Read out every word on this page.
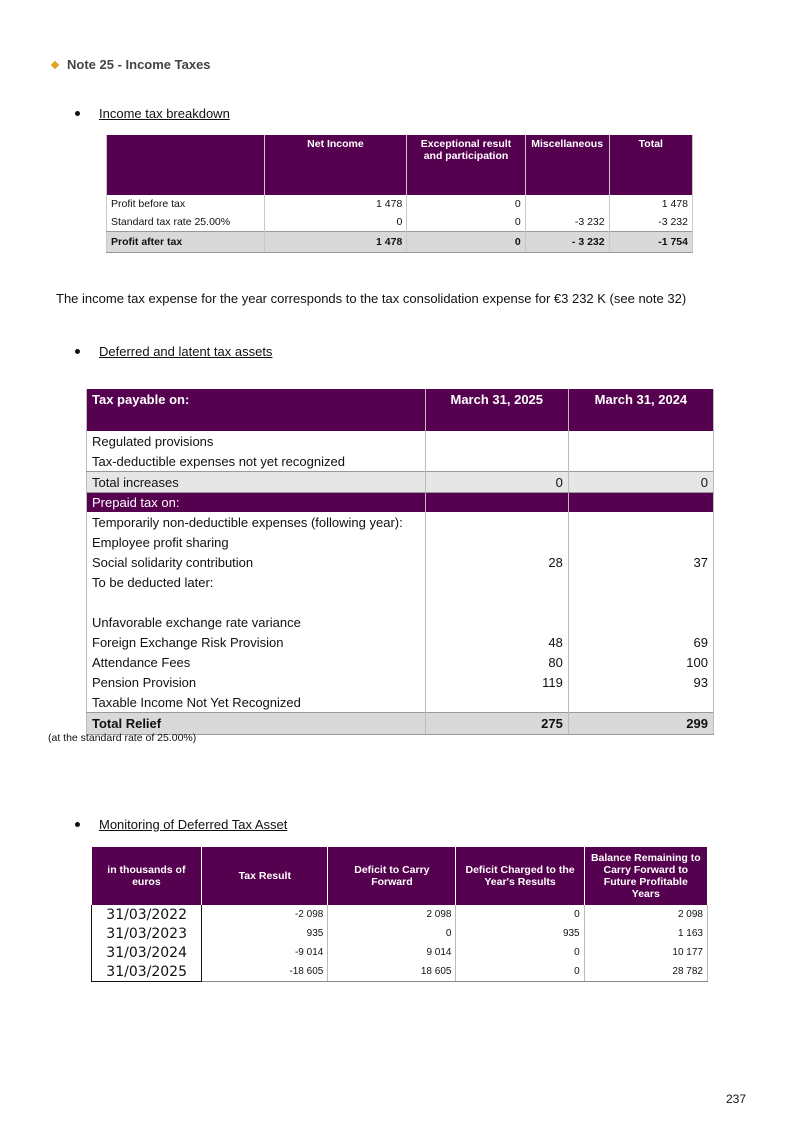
Note 25 - Income Taxes
Income tax breakdown
	Net Income	Exceptional result and participation	Miscellaneous	Total
Profit before tax	1 478	0		1 478
Standard tax rate 25.00%	0	0	-3 232	-3 232
Profit after tax	1 478	0	- 3 232	-1 754
The income tax expense for the year corresponds to the tax consolidation expense for €3 232 K (see note 32)
Deferred and latent tax assets
Tax payable on:	March 31, 2025	March 31, 2024
Regulated provisions		
Tax-deductible expenses not yet recognized		
Total increases	0	0
Prepaid tax on:		
Temporarily non-deductible expenses (following year):		
Employee profit sharing		
Social solidarity contribution	28	37
To be deducted later:		

Unfavorable exchange rate variance		
Foreign Exchange Risk Provision	48	69
Attendance Fees	80	100
Pension Provision	119	93
Taxable Income Not Yet Recognized		
Total Relief	275	299
(at the standard rate of 25.00%)
Monitoring of Deferred Tax Asset
in thousands of euros	Tax Result	Deficit to Carry Forward	Deficit Charged to the Year's Results	Balance Remaining to Carry Forward to Future Profitable Years
31/03/2022	-2 098	2 098	0	2 098
31/03/2023	935	0	935	1 163
31/03/2024	-9 014	9 014	0	10 177
31/03/2025	-18 605	18 605	0	28 782
237
